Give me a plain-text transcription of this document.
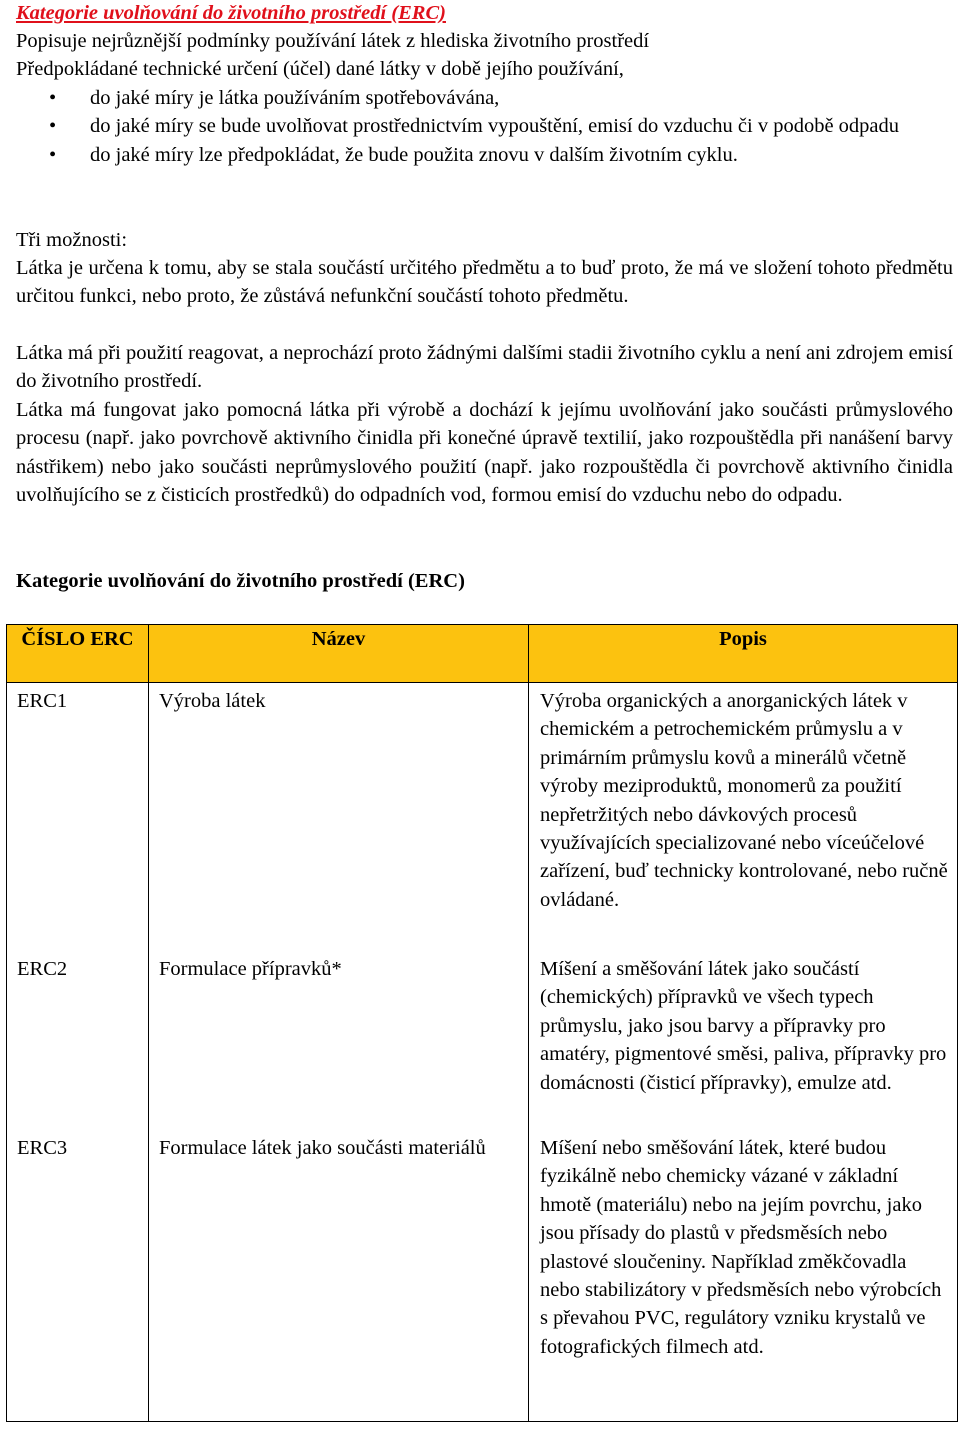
Kategorie uvolňování do životního prostředí (ERC)

Popisuje nejrůznější podmínky používání látek z hlediska životního prostředí

Předpokládané technické určení (účel) dané látky v době jejího používání,

• do jaké míry je látka používáním spotřebovávána,
• do jaké míry se bude uvolňovat prostřednictvím vypouštění, emisí do vzduchu či v podobě odpadu
• do jaké míry lze předpokládat, že bude použita znovu v dalším životním cyklu.

Tři možnosti:

Látka je určena k tomu, aby se stala součástí určitého předmětu a to buď proto, že má ve složení tohoto předmětu určitou funkci, nebo proto, že zůstává nefunkční součástí tohoto předmětu.

Látka má při použití reagovat, a neprochází proto žádnými dalšími stadii životního cyklu a není ani zdrojem emisí do životního prostředí.

Látka má fungovat jako pomocná látka při výrobě a dochází k jejímu uvolňování jako součásti průmyslového procesu (např. jako povrchově aktivního činidla při konečné úpravě textilií, jako rozpouštědla při nanášení barvy nástřikem) nebo jako součásti neprůmyslového použití (např. jako rozpouštědla či povrchově aktivního činidla uvolňujícího se z čisticích prostředků) do odpadních vod, formou emisí do vzduchu nebo do odpadu.

Kategorie uvolňování do životního prostředí (ERC)
ČÍSLO ERC	Název	Popis
ERC1	Výroba látek	Výroba organických a anorganických látek v chemickém a petrochemickém průmyslu a v primárním průmyslu kovů a minerálů včetně výroby meziproduktů, monomerů za použití nepřetržitých nebo dávkových procesů využívajících specializované nebo víceúčelové zařízení, buď technicky kontrolované, nebo ručně ovládané.
ERC2	Formulace přípravků*	Míšení a směšování látek jako součástí (chemických) přípravků ve všech typech průmyslu, jako jsou barvy a přípravky pro amatéry, pigmentové směsi, paliva, přípravky pro domácnosti (čisticí přípravky), emulze atd.
ERC3	Formulace látek jako součásti materiálů	Míšení nebo směšování látek, které budou fyzikálně nebo chemicky vázané v základní hmotě (materiálu) nebo na jejím povrchu, jako jsou přísady do plastů v předsměsích nebo plastové sloučeniny. Například změkčovadla nebo stabilizátory v předsměsích nebo výrobcích s převahou PVC, regulátory vzniku krystalů ve fotografických filmech atd.
